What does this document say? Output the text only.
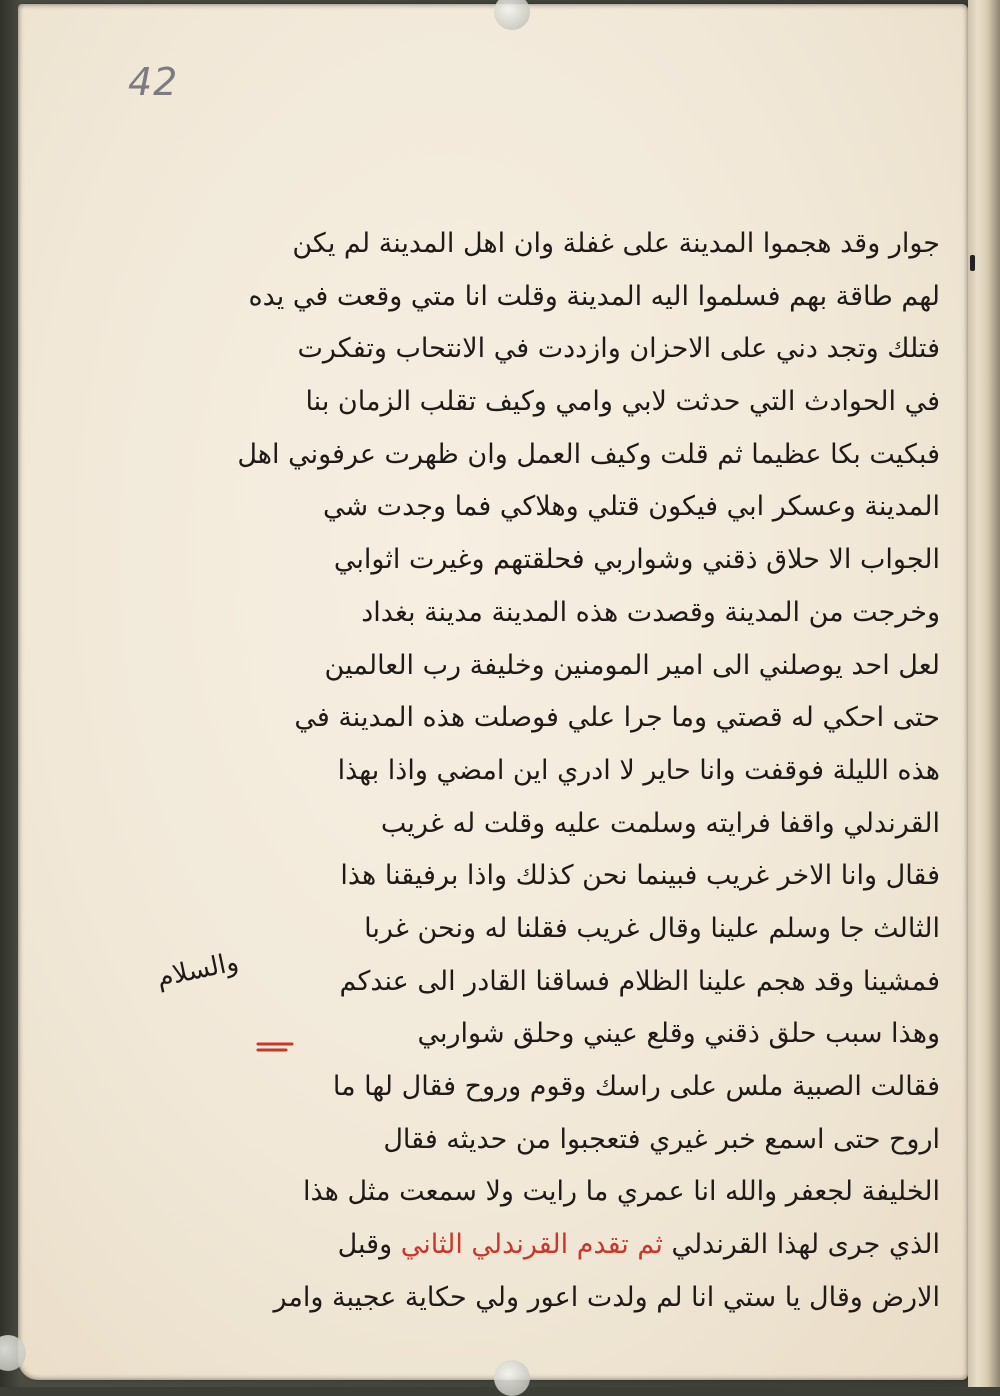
42
جوار وقد هجموا المدينة على غفلة وان اهل المدينة لم يكن
لهم طاقة بهم فسلموا اليه المدينة وقلت انا متي وقعت في يده
فتلك وتجد دني على الاحزان وازددت في الانتحاب وتفكرت
في الحوادث التي حدثت لابي وامي وكيف تقلب الزمان بنا
فبكيت بكا عظيما ثم قلت وكيف العمل وان ظهرت عرفوني اهل
المدينة وعسكر ابي فيكون قتلي وهلاكي فما وجدت شي
الجواب الا حلاق ذقني وشواربي فحلقتهم وغيرت اثوابي
وخرجت من المدينة وقصدت هذه المدينة مدينة بغداد
لعل احد يوصلني الى امير المومنين وخليفة رب العالمين
حتى احكي له قصتي وما جرا علي فوصلت هذه المدينة في
هذه الليلة فوقفت وانا حاير لا ادري اين امضي واذا بهذا
القرندلي واقفا فرايته وسلمت عليه وقلت له غريب
فقال وانا الاخر غريب فبينما نحن كذلك واذا برفيقنا هذا
الثالث جا وسلم علينا وقال غريب فقلنا له ونحن غربا
فمشينا وقد هجم علينا الظلام فساقنا القادر الى عندكم
وهذا سبب حلق ذقني وقلع عيني وحلق شواربي
فقالت الصبية ملس على راسك وقوم وروح فقال لها ما
اروح حتى اسمع خبر غيري فتعجبوا من حديثه فقال
الخليفة لجعفر والله انا عمري ما رايت ولا سمعت مثل هذا
الذي جرى لهذا القرندلي ثم تقدم القرندلي الثاني وقبل
الارض وقال يا ستي انا لم ولدت اعور ولي حكاية عجيبة وامر
والسلام
